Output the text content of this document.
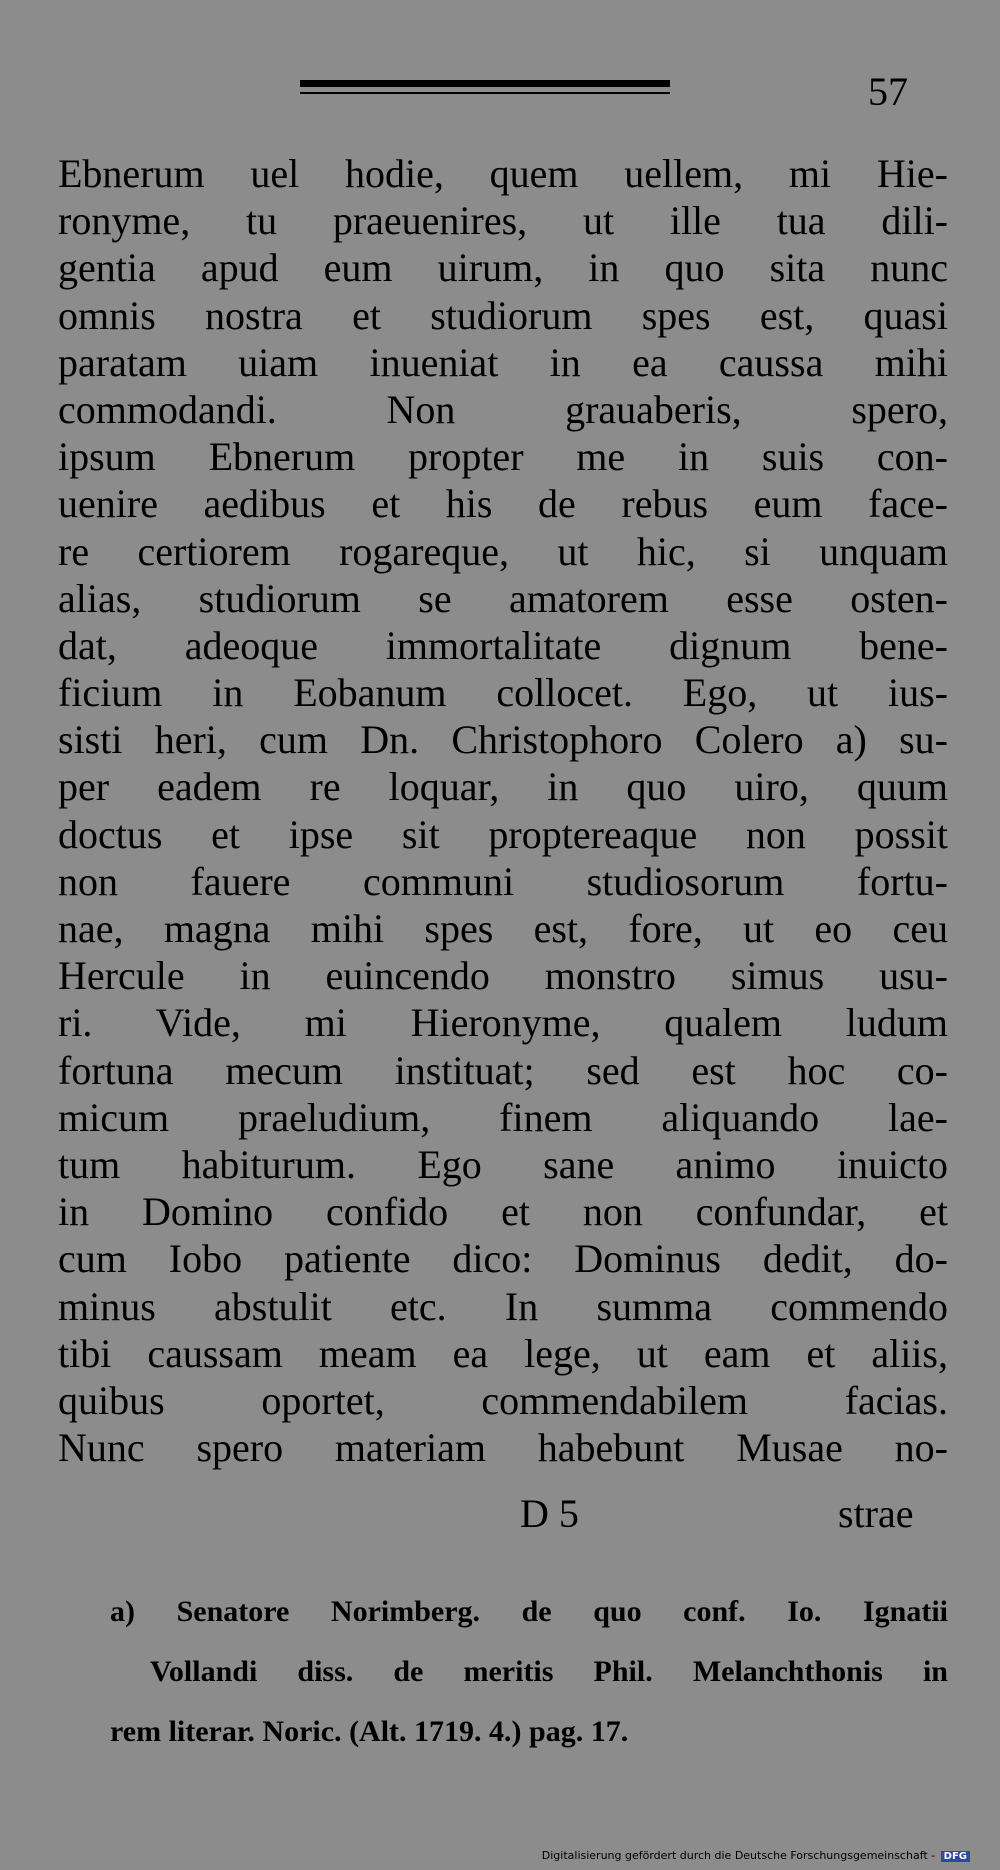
57
Ebnerum uel hodie, quem uellem, mi Hie-
ronyme, tu praeuenires, ut ille tua dili-
gentia apud eum uirum, in quo sita nunc
omnis nostra et studiorum spes est, quasi
paratam uiam inueniat in ea caussa mihi
commodandi. Non grauaberis, spero,
ipsum Ebnerum propter me in suis con-
uenire aedibus et his de rebus eum face-
re certiorem rogareque, ut hic, si unquam
alias, studiorum se amatorem esse osten-
dat, adeoque immortalitate dignum bene-
ficium in Eobanum collocet. Ego, ut ius-
sisti heri, cum Dn. Christophoro Colero a) su-
per eadem re loquar, in quo uiro, quum
doctus et ipse sit proptereaque non possit
non fauere communi studiosorum fortu-
nae, magna mihi spes est, fore, ut eo ceu
Hercule in euincendo monstro simus usu-
ri. Vide, mi Hieronyme, qualem ludum
fortuna mecum instituat; sed est hoc co-
micum praeludium, finem aliquando lae-
tum habiturum. Ego sane animo inuicto
in Domino confido et non confundar, et
cum Iobo patiente dico: Dominus dedit, do-
minus abstulit etc. In summa commendo
tibi caussam meam ea lege, ut eam et aliis,
quibus oportet, commendabilem facias.
Nunc spero materiam habebunt Musae no-
D 5	strae
a) Senatore Norimberg. de quo conf. Io. Ignatii
Vollandi diss. de meritis Phil. Melanchthonis in
rem literar. Noric. (Alt. 1719. 4.) pag. 17.
Digitalisierung gefördert durch die Deutsche Forschungsgemeinschaft - DFG
